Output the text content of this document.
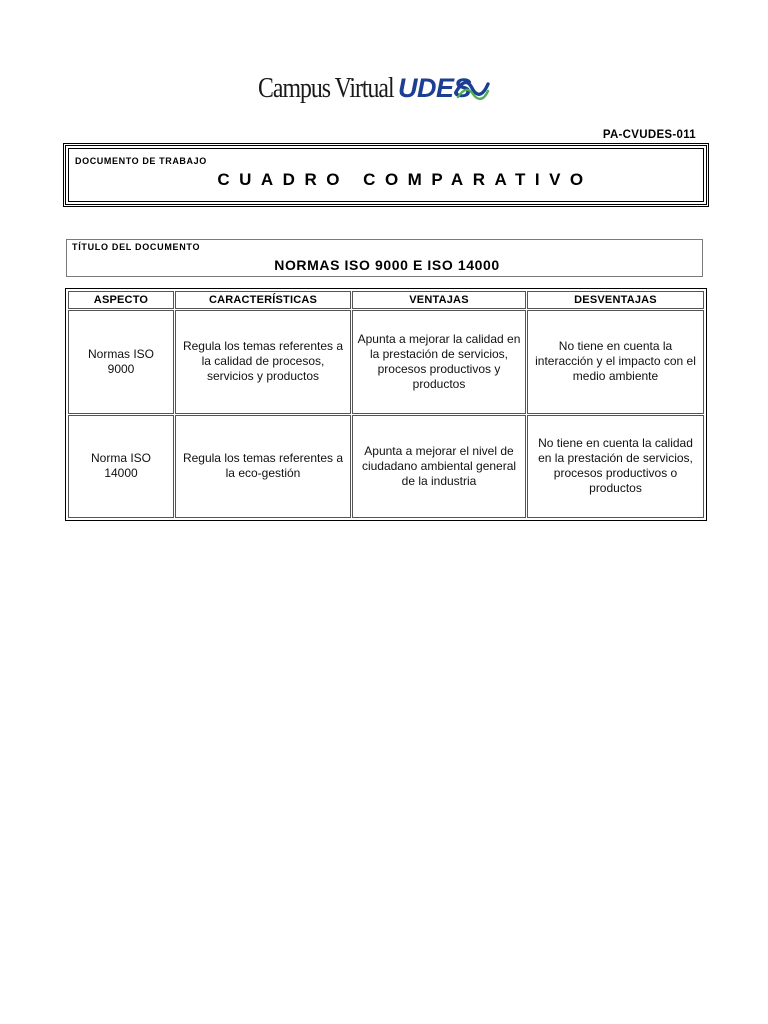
Campus Virtual UDES
PA-CVUDES-011
DOCUMENTO DE TRABAJO
CUADRO COMPARATIVO
TÍTULO DEL DOCUMENTO
NORMAS ISO 9000 E ISO 14000
ASPECTO	CARACTERÍSTICAS	VENTAJAS	DESVENTAJAS
Normas ISO 9000	Regula los temas referentes a la calidad de procesos, servicios y productos	Apunta a mejorar la calidad en la prestación de servicios, procesos productivos y productos	No tiene en cuenta la interacción y el impacto con el medio ambiente
Norma ISO 14000	Regula los temas referentes a la eco-gestión	Apunta a mejorar el nivel de ciudadano ambiental general de la industria	No tiene en cuenta la calidad en la prestación de servicios, procesos productivos o productos
